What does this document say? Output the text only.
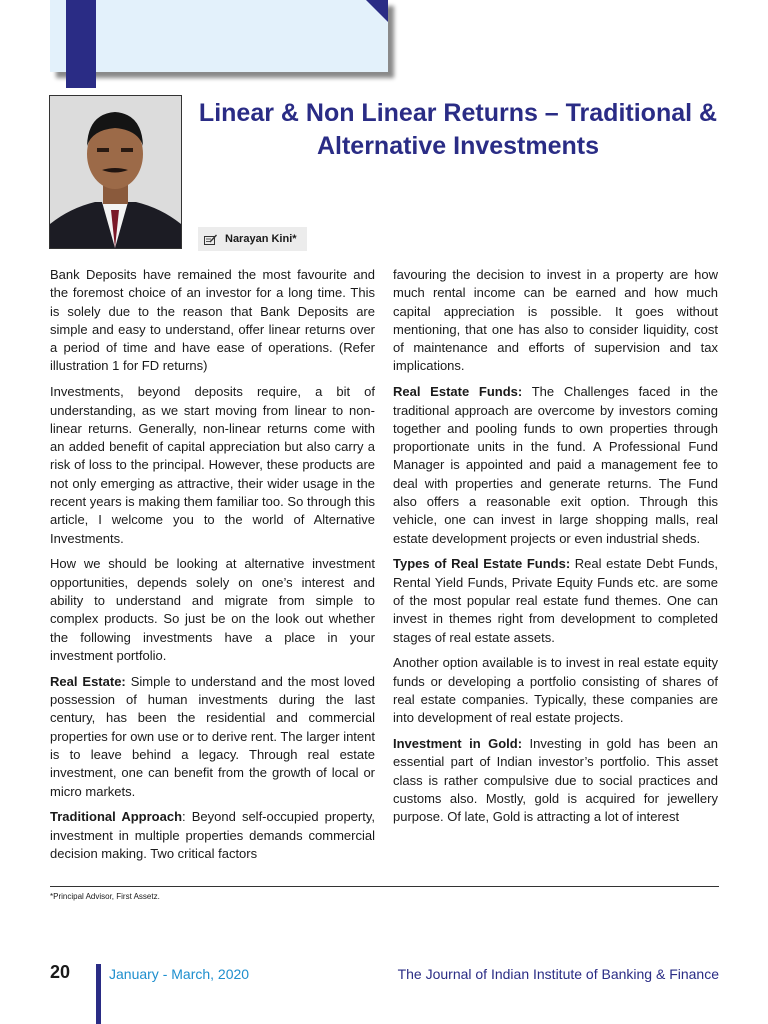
Linear & Non Linear Returns – Traditional & Alternative Investments
Narayan Kini*

Bank Deposits have remained the most favourite and the foremost choice of an investor for a long time. This is solely due to the reason that Bank Deposits are simple and easy to understand, offer linear returns over a period of time and have ease of operations. (Refer illustration 1 for FD returns)

Investments, beyond deposits require, a bit of understanding, as we start moving from linear to non-linear returns. Generally, non-linear returns come with an added benefit of capital appreciation but also carry a risk of loss to the principal. However, these products are not only emerging as attractive, their wider usage in the recent years is making them familiar too. So through this article, I welcome you to the world of Alternative Investments.

How we should be looking at alternative investment opportunities, depends solely on one’s interest and ability to understand and migrate from simple to complex products. So just be on the look out whether the following investments have a place in your investment portfolio.

Real Estate: Simple to understand and the most loved possession of human investments during the last century, has been the residential and commercial properties for own use or to derive rent. The larger intent is to leave behind a legacy. Through real estate investment, one can benefit from the growth of local or micro markets.

Traditional Approach: Beyond self-occupied property, investment in multiple properties demands commercial decision making. Two critical factors

favouring the decision to invest in a property are how much rental income can be earned and how much capital appreciation is possible. It goes without mentioning, that one has also to consider liquidity, cost of maintenance and efforts of supervision and tax implications.

Real Estate Funds: The Challenges faced in the traditional approach are overcome by investors coming together and pooling funds to own properties through proportionate units in the fund. A Professional Fund Manager is appointed and paid a management fee to deal with properties and generate returns. The Fund also offers a reasonable exit option. Through this vehicle, one can invest in large shopping malls, real estate development projects or even industrial sheds.

Types of Real Estate Funds: Real estate Debt Funds, Rental Yield Funds, Private Equity Funds etc. are some of the most popular real estate fund themes. One can invest in themes right from development to completed stages of real estate assets.

Another option available is to invest in real estate equity funds or developing a portfolio consisting of shares of real estate companies. Typically, these companies are into development of real estate projects.

Investment in Gold: Investing in gold has been an essential part of Indian investor’s portfolio. This asset class is rather compulsive due to social practices and customs also. Mostly, gold is acquired for jewellery purpose. Of late, Gold is attracting a lot of interest

*Principal Advisor, First Assetz.
20	January - March, 2020	The Journal of Indian Institute of Banking & Finance
